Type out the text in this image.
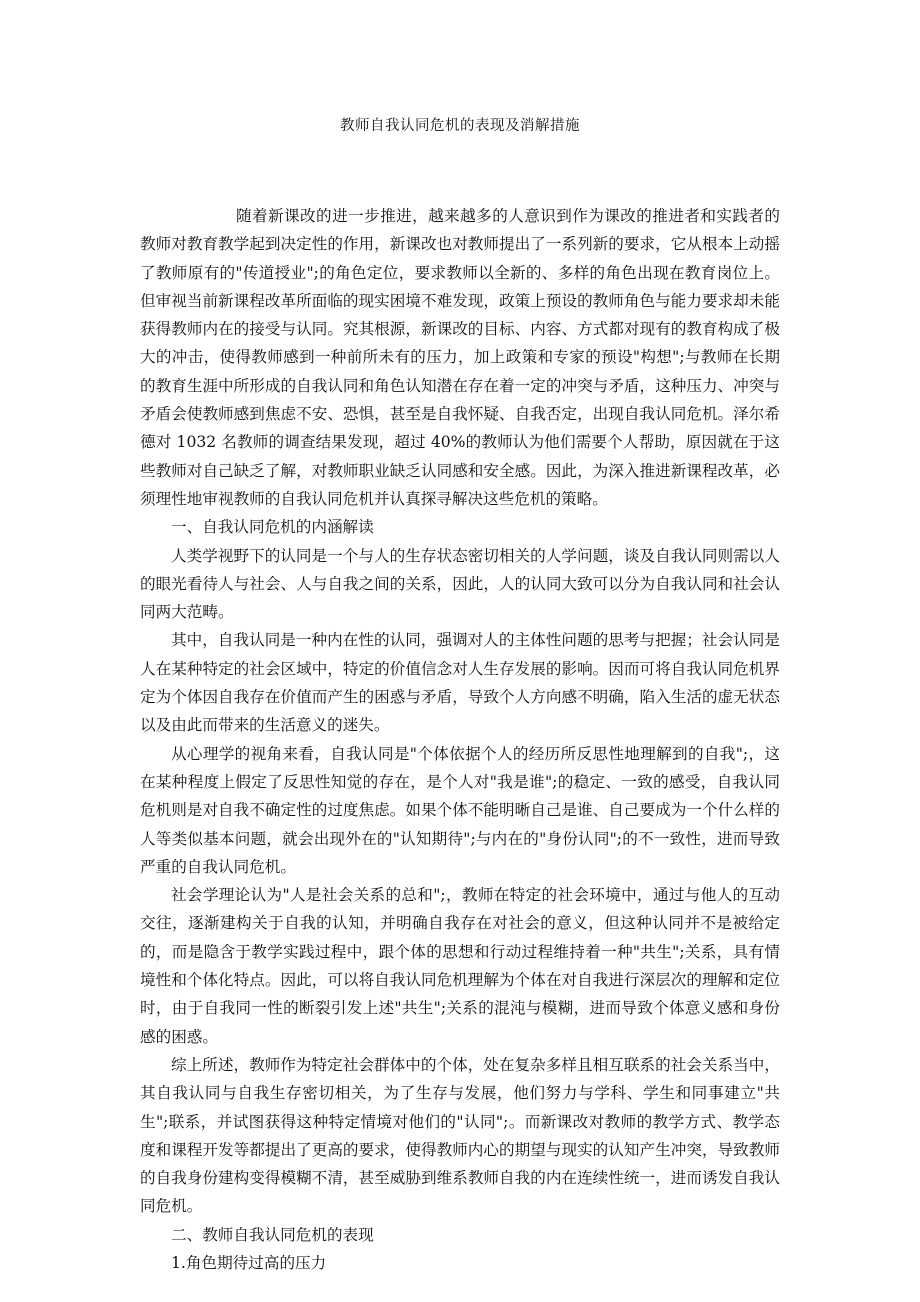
教师自我认同危机的表现及消解措施

随着新课改的进一步推进，越来越多的人意识到作为课改的推进者和实践者的教师对教育教学起到决定性的作用，新课改也对教师提出了一系列新的要求，它从根本上动摇了教师原有的"传道授业";的角色定位，要求教师以全新的、多样的角色出现在教育岗位上。但审视当前新课程改革所面临的现实困境不难发现，政策上预设的教师角色与能力要求却未能获得教师内在的接受与认同。究其根源，新课改的目标、内容、方式都对现有的教育构成了极大的冲击，使得教师感到一种前所未有的压力，加上政策和专家的预设"构想";与教师在长期的教育生涯中所形成的自我认同和角色认知潜在存在着一定的冲突与矛盾，这种压力、冲突与矛盾会使教师感到焦虑不安、恐惧，甚至是自我怀疑、自我否定，出现自我认同危机。泽尔希德对 1032 名教师的调查结果发现，超过 40%的教师认为他们需要个人帮助，原因就在于这些教师对自己缺乏了解，对教师职业缺乏认同感和安全感。因此，为深入推进新课程改革，必须理性地审视教师的自我认同危机并认真探寻解决这些危机的策略。

一、自我认同危机的内涵解读

人类学视野下的认同是一个与人的生存状态密切相关的人学问题，谈及自我认同则需以人的眼光看待人与社会、人与自我之间的关系，因此，人的认同大致可以分为自我认同和社会认同两大范畴。

其中，自我认同是一种内在性的认同，强调对人的主体性问题的思考与把握；社会认同是人在某种特定的社会区域中，特定的价值信念对人生存发展的影响。因而可将自我认同危机界定为个体因自我存在价值而产生的困惑与矛盾，导致个人方向感不明确，陷入生活的虚无状态以及由此而带来的生活意义的迷失。

从心理学的视角来看，自我认同是"个体依据个人的经历所反思性地理解到的自我";，这在某种程度上假定了反思性知觉的存在，是个人对"我是谁";的稳定、一致的感受，自我认同危机则是对自我不确定性的过度焦虑。如果个体不能明晰自己是谁、自己要成为一个什么样的人等类似基本问题，就会出现外在的"认知期待";与内在的"身份认同";的不一致性，进而导致严重的自我认同危机。

社会学理论认为"人是社会关系的总和";，教师在特定的社会环境中，通过与他人的互动交往，逐渐建构关于自我的认知，并明确自我存在对社会的意义，但这种认同并不是被给定的，而是隐含于教学实践过程中，跟个体的思想和行动过程维持着一种"共生";关系，具有情境性和个体化特点。因此，可以将自我认同危机理解为个体在对自我进行深层次的理解和定位时，由于自我同一性的断裂引发上述"共生";关系的混沌与模糊，进而导致个体意义感和身份感的困惑。

综上所述，教师作为特定社会群体中的个体，处在复杂多样且相互联系的社会关系当中，其自我认同与自我生存密切相关，为了生存与发展，他们努力与学科、学生和同事建立"共生";联系，并试图获得这种特定情境对他们的"认同";。而新课改对教师的教学方式、教学态度和课程开发等都提出了更高的要求，使得教师内心的期望与现实的认知产生冲突，导致教师的自我身份建构变得模糊不清，甚至威胁到维系教师自我的内在连续性统一，进而诱发自我认同危机。

二、教师自我认同危机的表现

1.角色期待过高的压力
